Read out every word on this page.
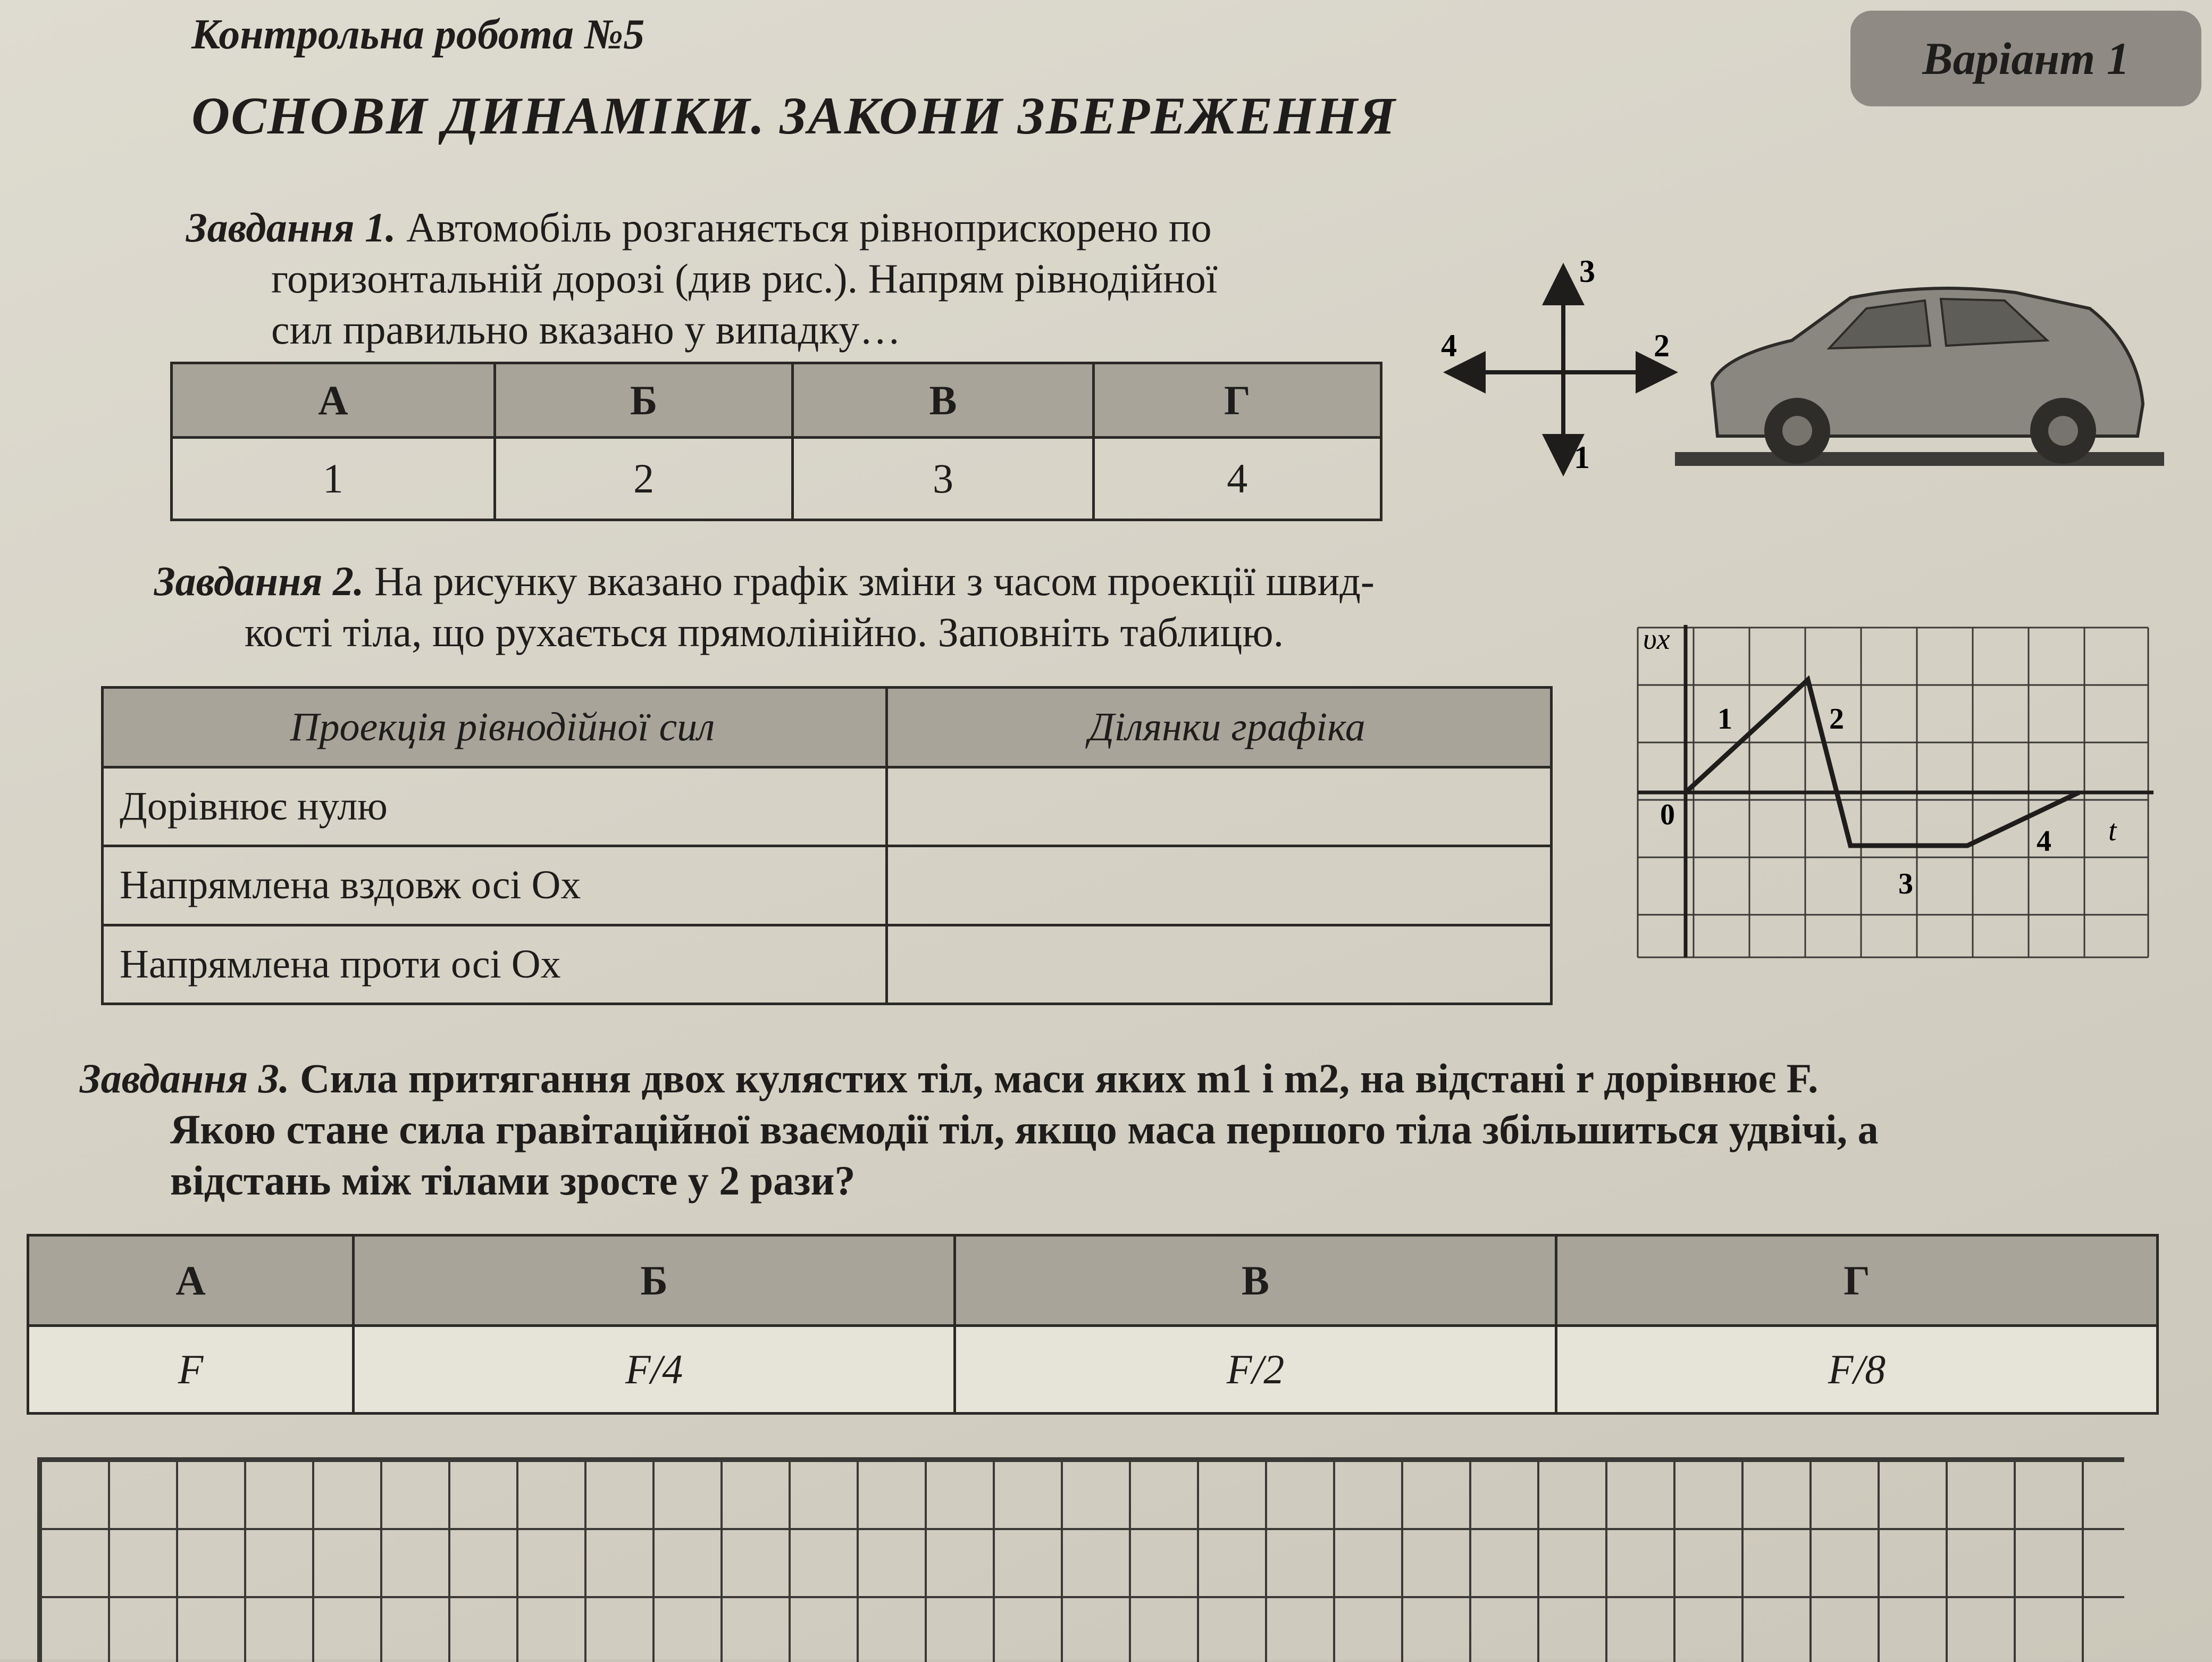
Контрольна робота №5
ОСНОВИ ДИНАМІКИ. ЗАКОНИ ЗБЕРЕЖЕННЯ
Варіант 1
Завдання 1. Автомобіль розганяється рівноприскорено по
горизонтальній дорозі (див рис.). Напрям рівнодійної
сил правильно вказано у випадку…
А	Б	В	Г
1	2	3	4
3
1
2
4
Завдання 2. На рисунку вказано графік зміни з часом проекції швид-
кості тіла, що рухається прямолінійно. Заповніть таблицю.
Проекція рівнодійної сил	Ділянки графіка
Дорівнює нулю	
Напрямлена вздовж осі Ox	
Напрямлена проти осі Ox	
υx
t
0
1	2
3
4
Завдання 3. Сила притягання двох кулястих тіл, маси яких m1 і m2, на відстані r дорівнює F.
Якою стане сила гравітаційної взаємодії тіл, якщо маса першого тіла збільшиться удвічі, а
відстань між тілами зросте у 2 рази?
А	Б	В	Г
F	F/4	F/2	F/8
